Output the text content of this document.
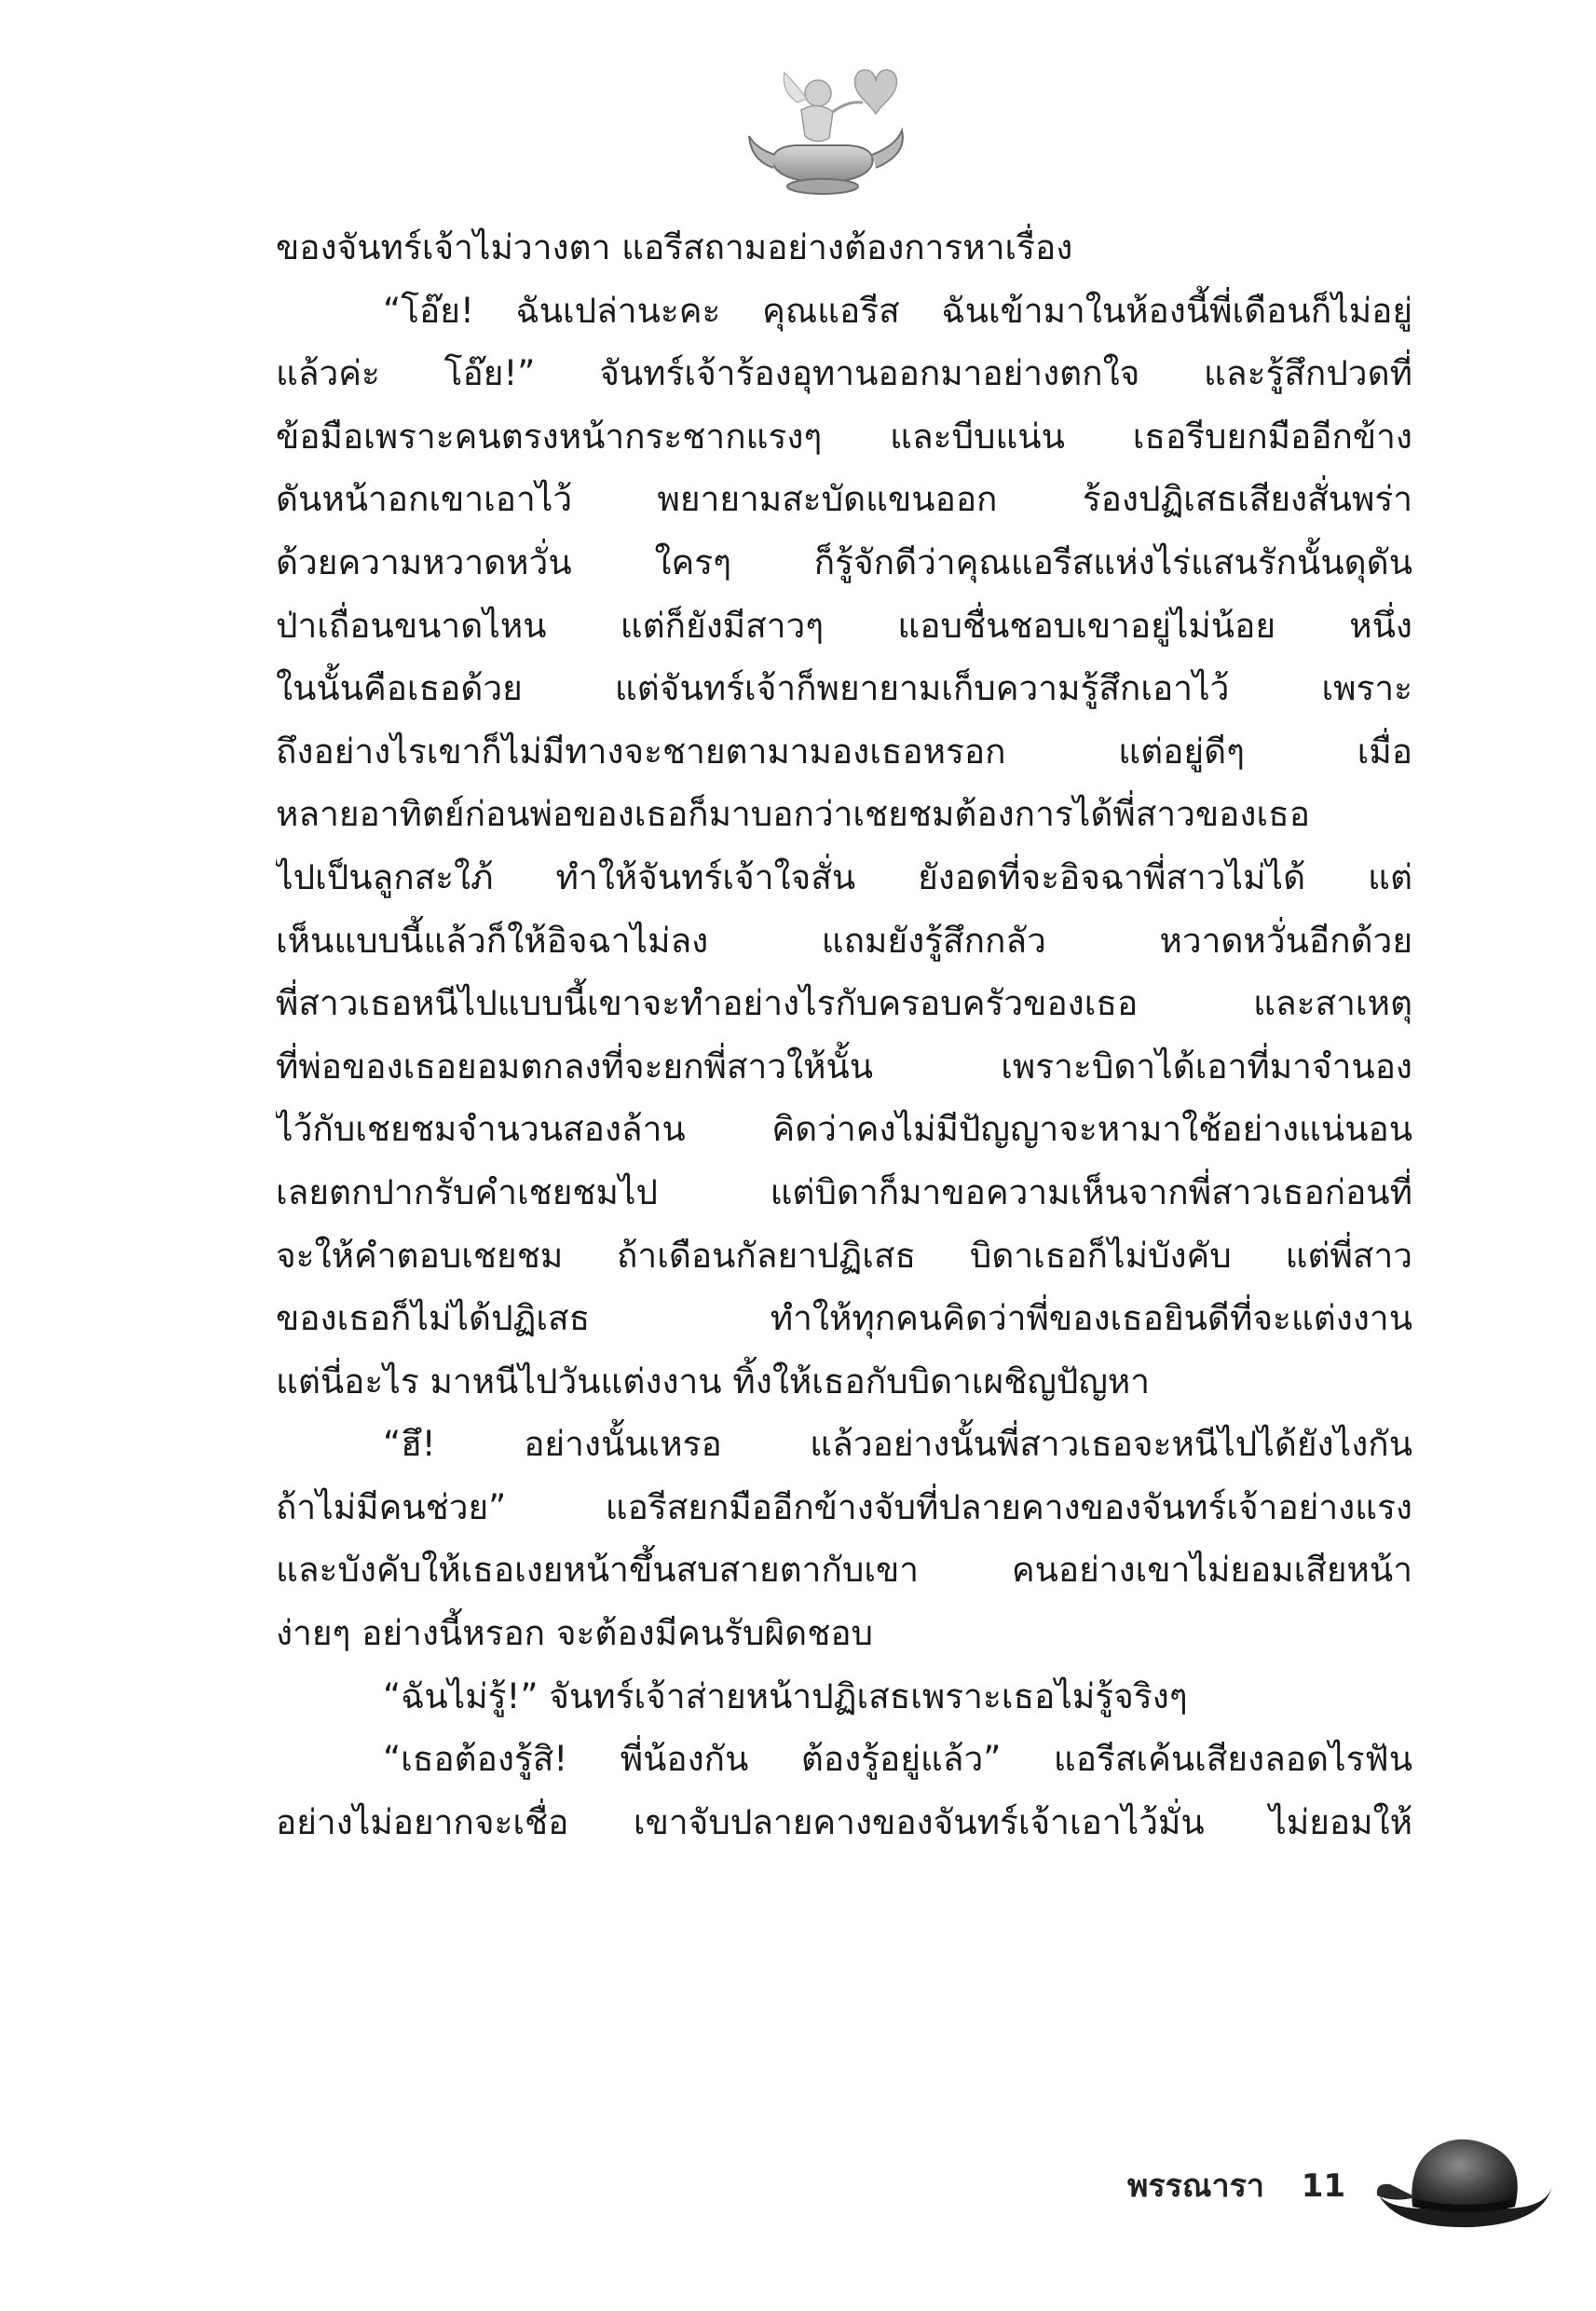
ของจันทร์เจ้าไม่วางตา แอรีสถามอย่างต้องการหาเรื่อง
“โอ๊ย! ฉันเปล่านะคะ คุณแอรีส ฉันเข้ามาในห้องนี้พี่เดือนก็ไม่อยู่
แล้วค่ะ โอ๊ย!” จันทร์เจ้าร้องอุทานออกมาอย่างตกใจ และรู้สึกปวดที่
ข้อมือเพราะคนตรงหน้ากระชากแรงๆ และบีบแน่น เธอรีบยกมืออีกข้าง
ดันหน้าอกเขาเอาไว้ พยายามสะบัดแขนออก ร้องปฏิเสธเสียงสั่นพร่า
ด้วยความหวาดหวั่น ใครๆ ก็รู้จักดีว่าคุณแอรีสแห่งไร่แสนรักนั้นดุดัน
ป่าเถื่อนขนาดไหน แต่ก็ยังมีสาวๆ แอบชื่นชอบเขาอยู่ไม่น้อย หนึ่ง
ในนั้นคือเธอด้วย แต่จันทร์เจ้าก็พยายามเก็บความรู้สึกเอาไว้ เพราะ
ถึงอย่างไรเขาก็ไม่มีทางจะชายตามามองเธอหรอก แต่อยู่ดีๆ เมื่อ
หลายอาทิตย์ก่อนพ่อของเธอก็มาบอกว่าเชยชมต้องการได้พี่สาวของเธอ
ไปเป็นลูกสะใภ้ ทำให้จันทร์เจ้าใจสั่น ยังอดที่จะอิจฉาพี่สาวไม่ได้ แต่
เห็นแบบนี้แล้วก็ให้อิจฉาไม่ลง แถมยังรู้สึกกลัว หวาดหวั่นอีกด้วย
พี่สาวเธอหนีไปแบบนี้เขาจะทำอย่างไรกับครอบครัวของเธอ และสาเหตุ
ที่พ่อของเธอยอมตกลงที่จะยกพี่สาวให้นั้น เพราะบิดาได้เอาที่มาจำนอง
ไว้กับเชยชมจำนวนสองล้าน คิดว่าคงไม่มีปัญญาจะหามาใช้อย่างแน่นอน
เลยตกปากรับคำเชยชมไป แต่บิดาก็มาขอความเห็นจากพี่สาวเธอก่อนที่
จะให้คำตอบเชยชม ถ้าเดือนกัลยาปฏิเสธ บิดาเธอก็ไม่บังคับ แต่พี่สาว
ของเธอก็ไม่ได้ปฏิเสธ ทำให้ทุกคนคิดว่าพี่ของเธอยินดีที่จะแต่งงาน
แต่นี่อะไร มาหนีไปวันแต่งงาน ทิ้งให้เธอกับบิดาเผชิญปัญหา
“ฮึ! อย่างนั้นเหรอ แล้วอย่างนั้นพี่สาวเธอจะหนีไปได้ยังไงกัน
ถ้าไม่มีคนช่วย” แอรีสยกมืออีกข้างจับที่ปลายคางของจันทร์เจ้าอย่างแรง
และบังคับให้เธอเงยหน้าขึ้นสบสายตากับเขา คนอย่างเขาไม่ยอมเสียหน้า
ง่ายๆ อย่างนี้หรอก จะต้องมีคนรับผิดชอบ
“ฉันไม่รู้!” จันทร์เจ้าส่ายหน้าปฏิเสธเพราะเธอไม่รู้จริงๆ
“เธอต้องรู้สิ! พี่น้องกัน ต้องรู้อยู่แล้ว” แอรีสเค้นเสียงลอดไรฟัน
อย่างไม่อยากจะเชื่อ เขาจับปลายคางของจันทร์เจ้าเอาไว้มั่น ไม่ยอมให้
พรรณารา 11
